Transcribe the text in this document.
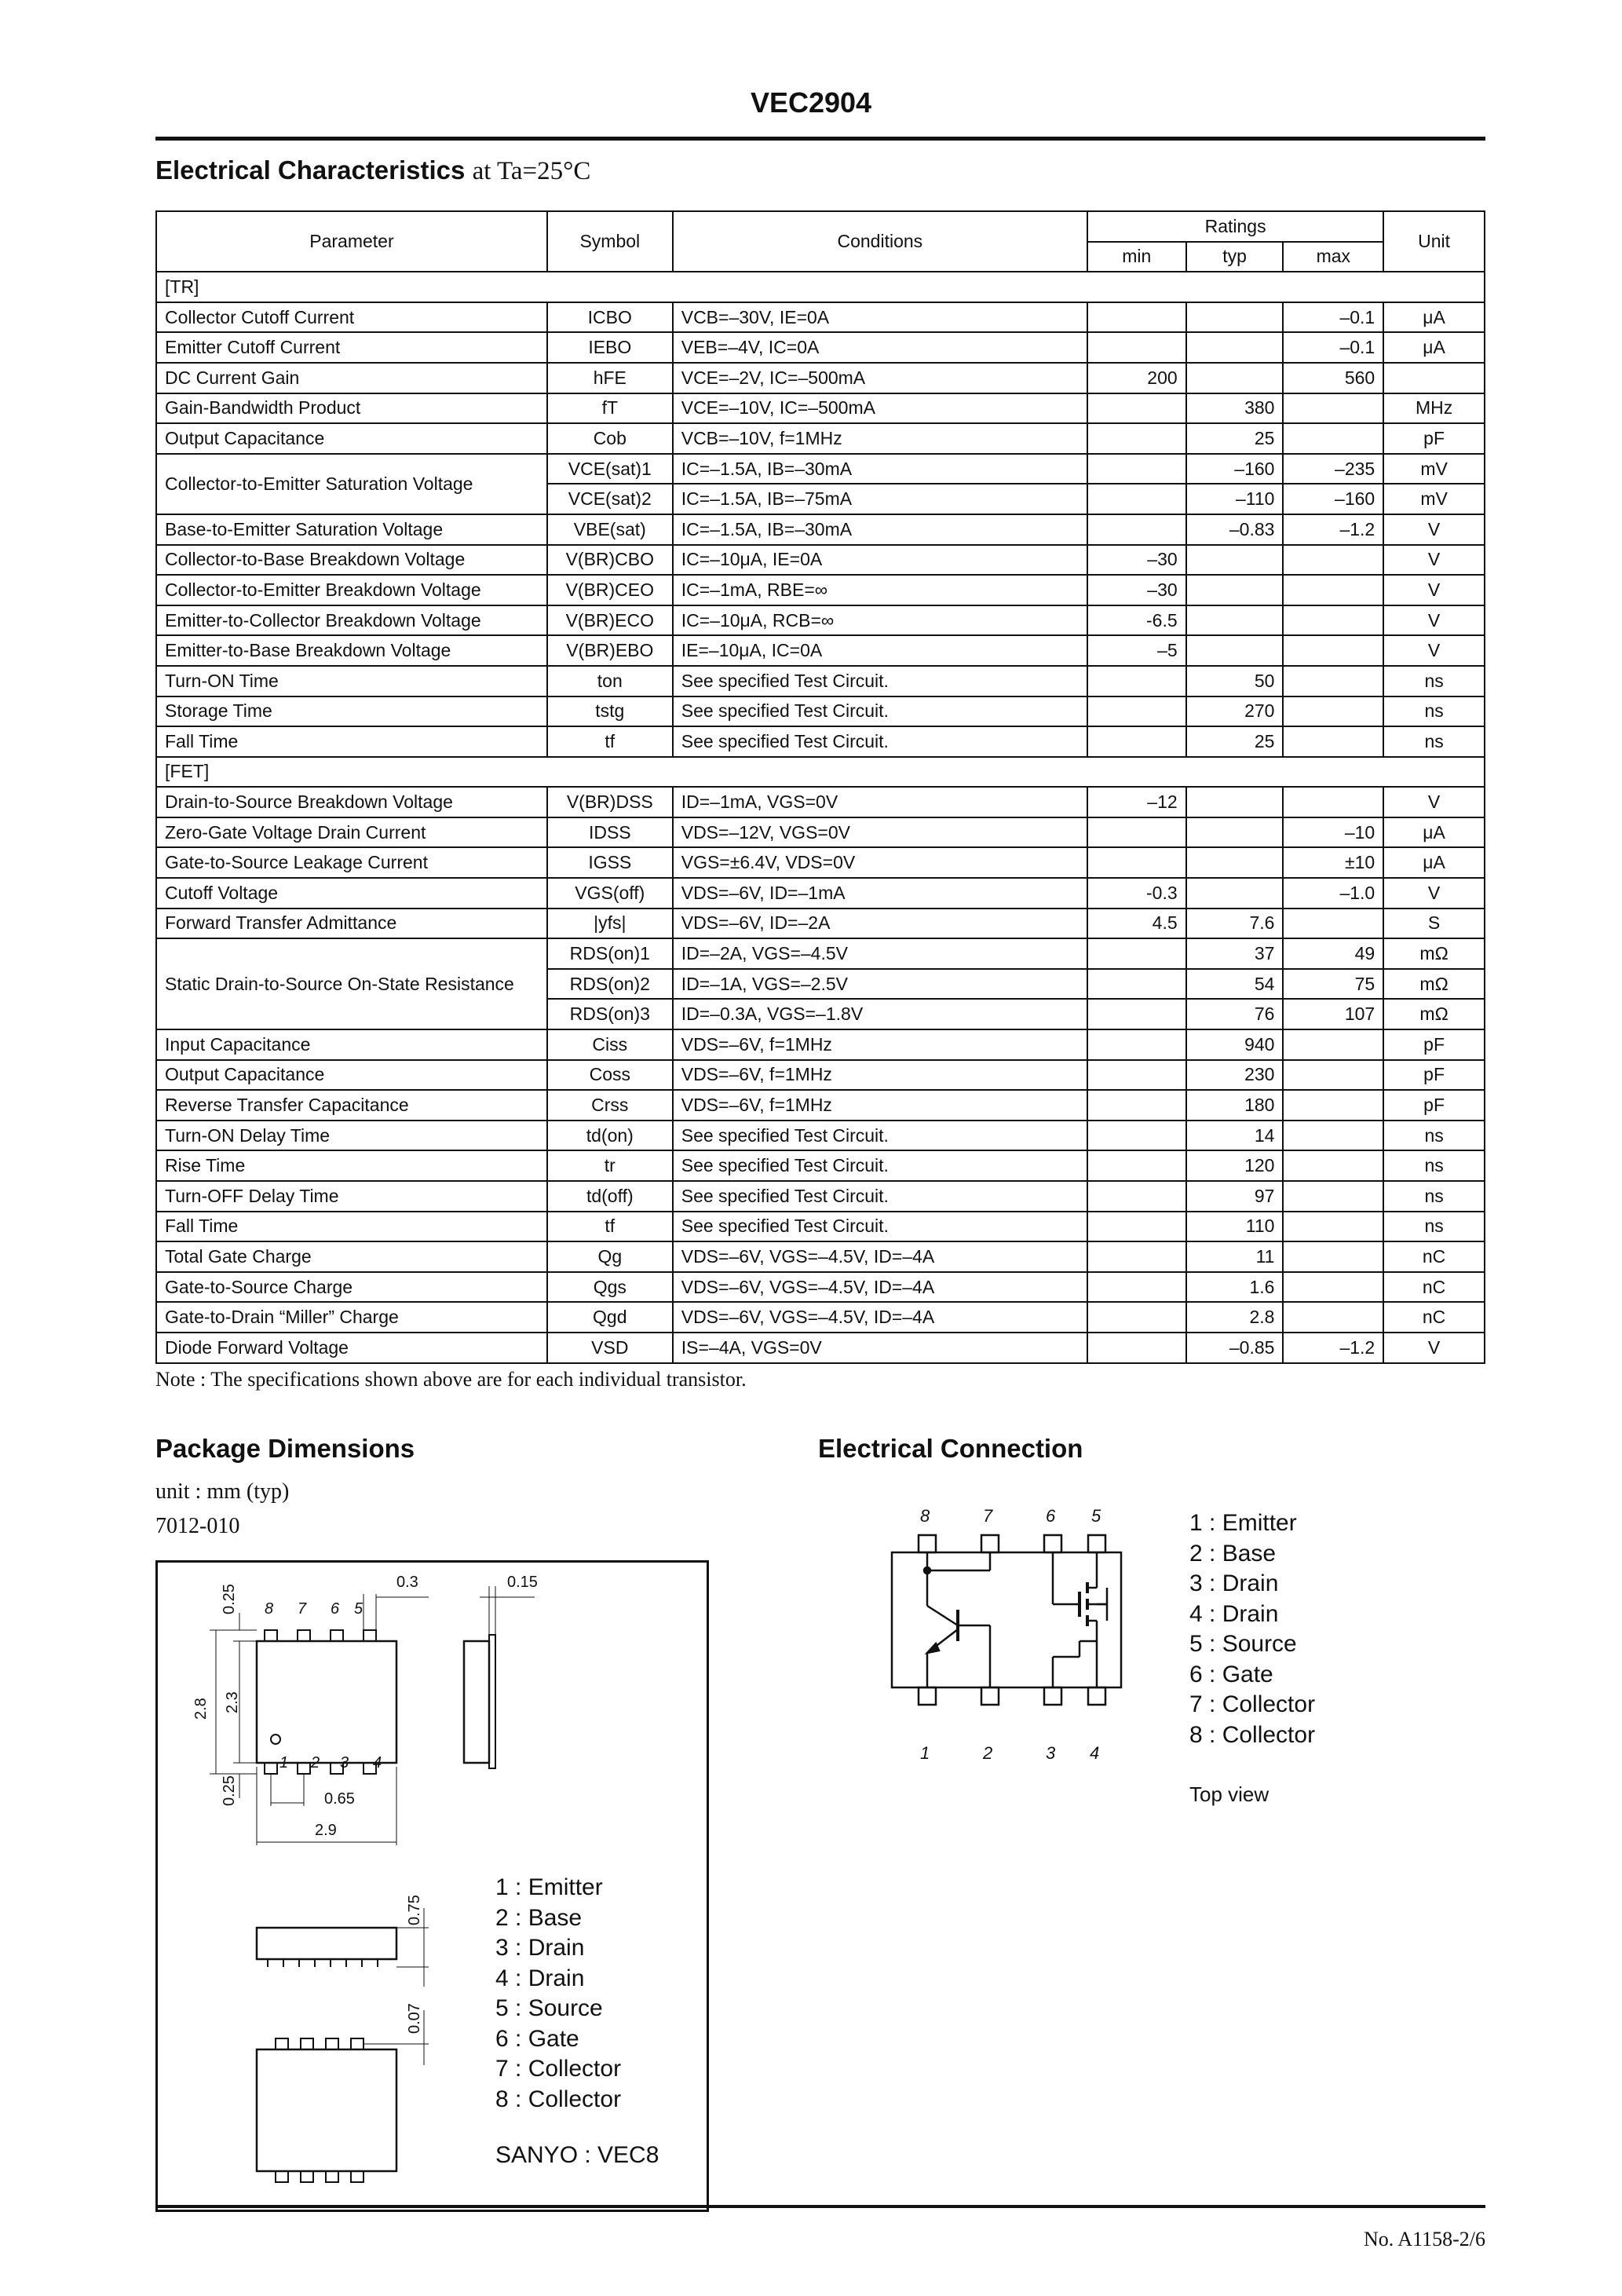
VEC2904
Electrical Characteristics at Ta=25°C
Parameter	Symbol	Conditions	Ratings			Unit
			min	typ	max	
[TR]						
Collector Cutoff Current	ICBO	VCB=–30V, IE=0A			–0.1	μA
Emitter Cutoff Current	IEBO	VEB=–4V, IC=0A			–0.1	μA
DC Current Gain	hFE	VCE=–2V, IC=–500mA	200		560	
Gain-Bandwidth Product	fT	VCE=–10V, IC=–500mA		380		MHz
Output Capacitance	Cob	VCB=–10V, f=1MHz		25		pF
Collector-to-Emitter Saturation Voltage	VCE(sat)1	IC=–1.5A, IB=–30mA		–160	–235	mV
	VCE(sat)2	IC=–1.5A, IB=–75mA		–110	–160	mV
Base-to-Emitter Saturation Voltage	VBE(sat)	IC=–1.5A, IB=–30mA		–0.83	–1.2	V
Collector-to-Base Breakdown Voltage	V(BR)CBO	IC=–10μA, IE=0A	–30			V
Collector-to-Emitter Breakdown Voltage	V(BR)CEO	IC=–1mA, RBE=∞	–30			V
Emitter-to-Collector Breakdown Voltage	V(BR)ECO	IC=–10μA, RCB=∞	-6.5			V
Emitter-to-Base Breakdown Voltage	V(BR)EBO	IE=–10μA, IC=0A	–5			V
Turn-ON Time	ton	See specified Test Circuit.		50		ns
Storage Time	tstg	See specified Test Circuit.		270		ns
Fall Time	tf	See specified Test Circuit.		25		ns
[FET]						
Drain-to-Source Breakdown Voltage	V(BR)DSS	ID=–1mA, VGS=0V	–12			V
Zero-Gate Voltage Drain Current	IDSS	VDS=–12V, VGS=0V			–10	μA
Gate-to-Source Leakage Current	IGSS	VGS=±6.4V, VDS=0V			±10	μA
Cutoff Voltage	VGS(off)	VDS=–6V, ID=–1mA	-0.3		–1.0	V
Forward Transfer Admittance	|yfs|	VDS=–6V, ID=–2A	4.5	7.6		S
Static Drain-to-Source On-State Resistance	RDS(on)1	ID=–2A, VGS=–4.5V		37	49	mΩ
	RDS(on)2	ID=–1A, VGS=–2.5V		54	75	mΩ
	RDS(on)3	ID=–0.3A, VGS=–1.8V		76	107	mΩ
Input Capacitance	Ciss	VDS=–6V, f=1MHz		940		pF
Output Capacitance	Coss	VDS=–6V, f=1MHz		230		pF
Reverse Transfer Capacitance	Crss	VDS=–6V, f=1MHz		180		pF
Turn-ON Delay Time	td(on)	See specified Test Circuit.		14		ns
Rise Time	tr	See specified Test Circuit.		120		ns
Turn-OFF Delay Time	td(off)	See specified Test Circuit.		97		ns
Fall Time	tf	See specified Test Circuit.		110		ns
Total Gate Charge	Qg	VDS=–6V, VGS=–4.5V, ID=–4A		11		nC
Gate-to-Source Charge	Qgs	VDS=–6V, VGS=–4.5V, ID=–4A		1.6		nC
Gate-to-Drain “Miller” Charge	Qgd	VDS=–6V, VGS=–4.5V, ID=–4A		2.8		nC
Diode Forward Voltage	VSD	IS=–4A, VGS=0V		–0.85	–1.2	V
Note : The specifications shown above are for each individual transistor.
Package Dimensions
unit : mm (typ)
7012-010
0.25
0.3	0.15
2.8 2.3
0.25	0.65
2.9
0.75
0.07
8 7 6 5
1 2 3 4
1 : Emitter
2 : Base
3 : Drain
4 : Drain
5 : Source
6 : Gate
7 : Collector
8 : Collector
SANYO : VEC8
Electrical Connection
8	7	6 5
1	2	3 4
1 : Emitter
2 : Base
3 : Drain
4 : Drain
5 : Source
6 : Gate
7 : Collector
8 : Collector
Top view
No. A1158-2/6
